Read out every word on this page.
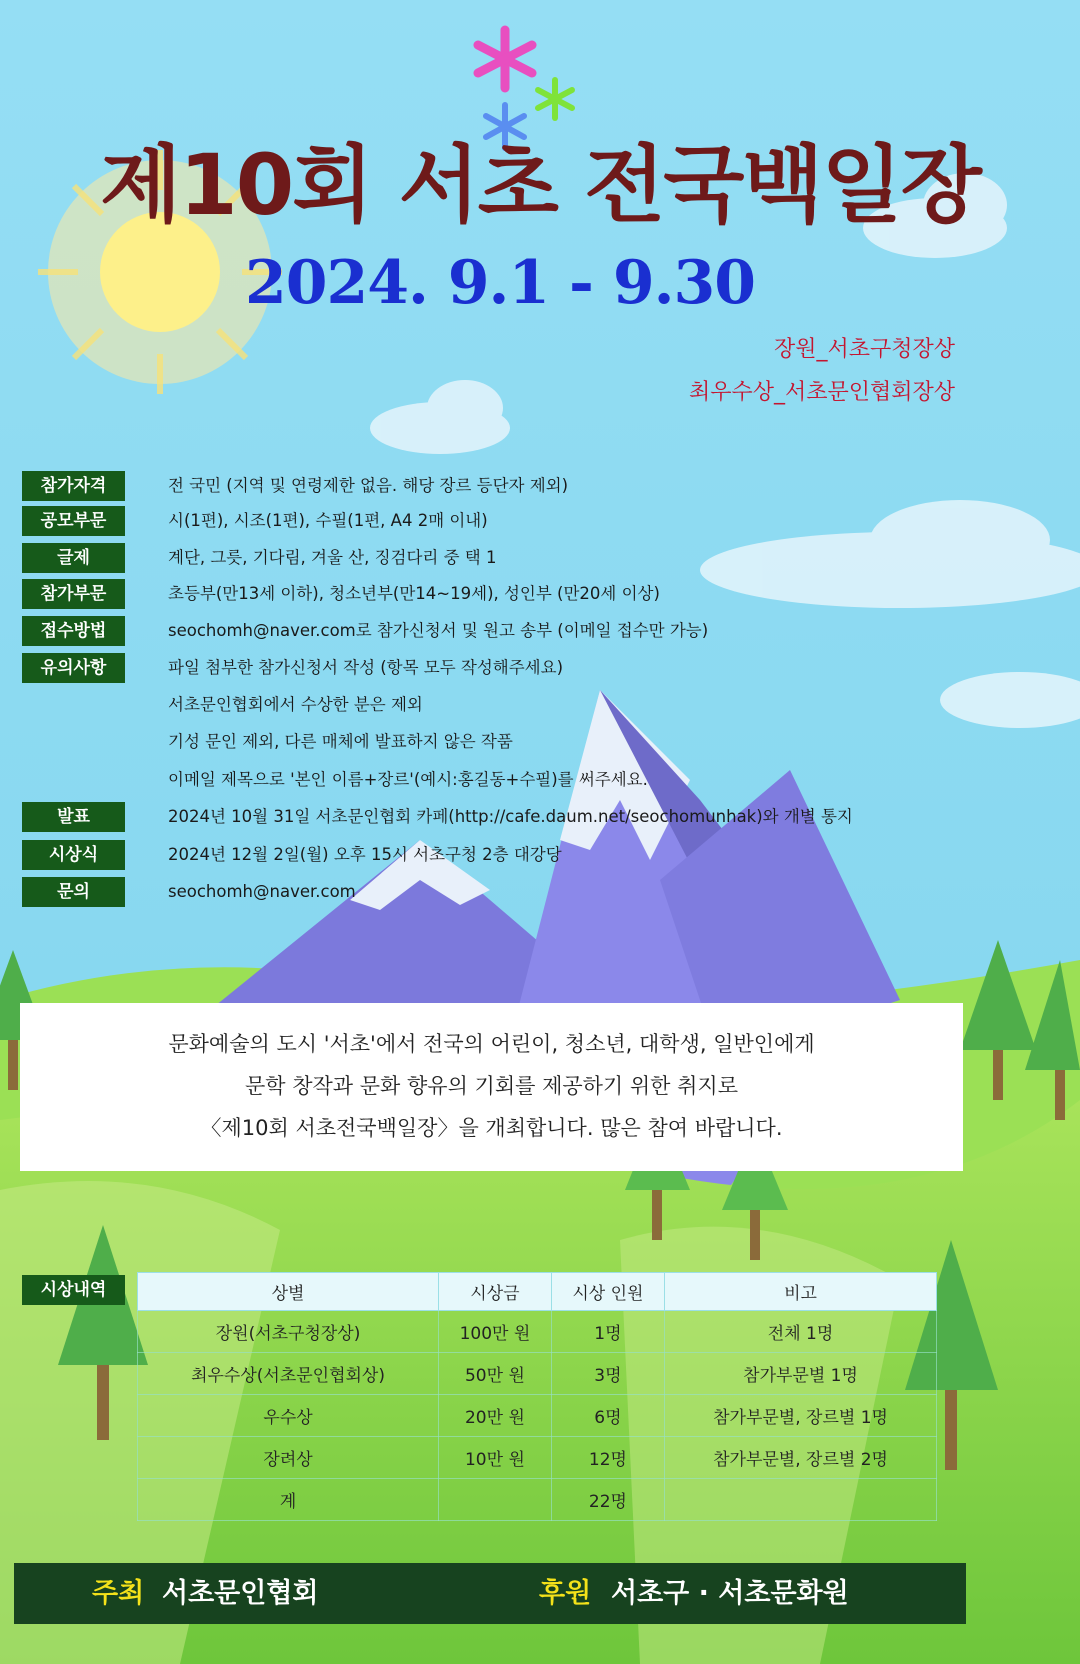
제10회 서초 전국백일장
2024. 9.1 - 9.30
장원_서초구청장상
최우수상_서초문인협회장상
참가자격	전 국민 (지역 및 연령제한 없음. 해당 장르 등단자 제외)
공모부문	시(1편), 시조(1편), 수필(1편, A4 2매 이내)
글제	계단, 그릇, 기다림, 겨울 산, 징검다리 중 택 1
참가부문	초등부(만13세 이하), 청소년부(만14~19세), 성인부 (만20세 이상)
접수방법	seochomh@naver.com로 참가신청서 및 원고 송부 (이메일 접수만 가능)
유의사항	파일 첨부한 참가신청서 작성 (항목 모두 작성해주세요)
서초문인협회에서 수상한 분은 제외
기성 문인 제외, 다른 매체에 발표하지 않은 작품
이메일 제목으로 '본인 이름+장르'(예시:홍길동+수필)를 써주세요.
발표	2024년 10월 31일 서초문인협회 카페(http://cafe.daum.net/seochomunhak)와 개별 통지
시상식	2024년 12월 2일(월) 오후 15시 서초구청 2층 대강당
문의	seochomh@naver.com

문화예술의 도시 '서초'에서 전국의 어린이, 청소년, 대학생, 일반인에게

문학 창작과 문화 향유의 기회를 제공하기 위한 취지로

〈제10회 서초전국백일장〉을 개최합니다. 많은 참여 바랍니다.

시상내역	상별	시상금	시상 인원	비고
장원(서초구청장상)	100만 원	1명	전체 1명
최우수상(서초문인협회상)	50만 원	3명	참가부문별 1명
우수상	20만 원	6명	참가부문별, 장르별 1명
장려상	10만 원	12명	참가부문별, 장르별 2명
계		22명	
주최 서초문인협회	후원 서초구 · 서초문화원
